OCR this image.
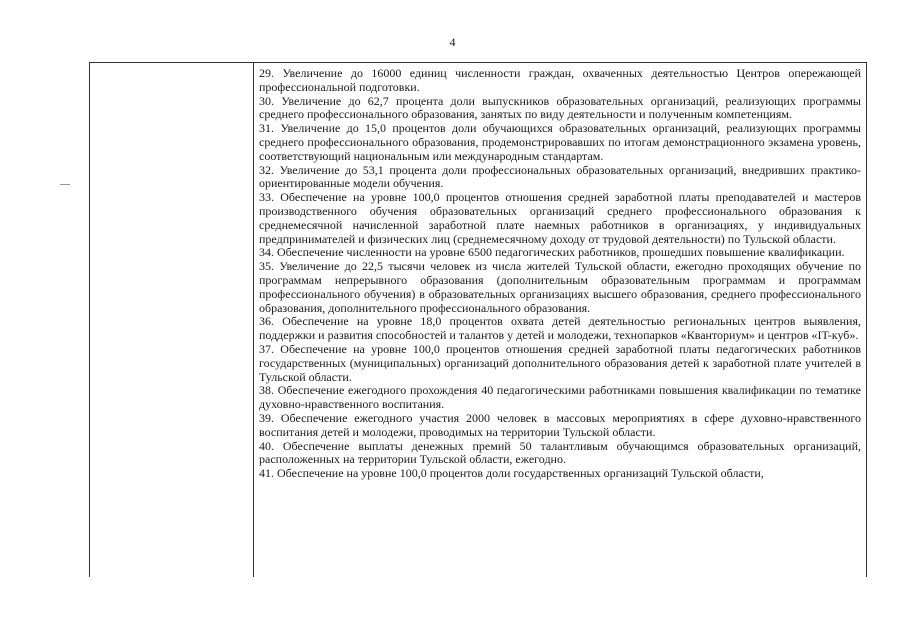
4

29. Увеличение до 16000 единиц численности граждан, охваченных деятельностью Центров опережающей профессиональной подготовки.

30. Увеличение до 62,7 процента доли выпускников образовательных организаций, реализующих программы среднего профессионального образования, занятых по виду деятельности и полученным компетенциям.

31. Увеличение до 15,0 процентов доли обучающихся образовательных организаций, реализующих программы среднего профессионального образования, продемонстрировавших по итогам демонстрационного экзамена уровень, соответствующий национальным или международным стандартам.

32. Увеличение до 53,1 процента доли профессиональных образовательных организаций, внедривших практико-ориентированные модели обучения.

33. Обеспечение на уровне 100,0 процентов отношения средней заработной платы преподавателей и мастеров производственного обучения образовательных организаций среднего профессионального образования к среднемесячной начисленной заработной плате наемных работников в организациях, у индивидуальных предпринимателей и физических лиц (среднемесячному доходу от трудовой деятельности) по Тульской области.

34. Обеспечение численности на уровне 6500 педагогических работников, прошедших повышение квалификации.

35. Увеличение до 22,5 тысячи человек из числа жителей Тульской области, ежегодно проходящих обучение по программам непрерывного образования (дополнительным образовательным программам и программам профессионального обучения) в образовательных организациях высшего образования, среднего профессионального образования, дополнительного профессионального образования.

36. Обеспечение на уровне 18,0 процентов охвата детей деятельностью региональных центров выявления, поддержки и развития способностей и талантов у детей и молодежи, технопарков «Кванториум» и центров «IT-куб».

37. Обеспечение на уровне 100,0 процентов отношения средней заработной платы педагогических работников государственных (муниципальных) организаций дополнительного образования детей к заработной плате учителей в Тульской области.

38. Обеспечение ежегодного прохождения 40 педагогическими работниками повышения квалификации по тематике духовно-нравственного воспитания.

39. Обеспечение ежегодного участия 2000 человек в массовых мероприятиях в сфере духовно-нравственного воспитания детей и молодежи, проводимых на территории Тульской области.

40. Обеспечение выплаты денежных премий 50 талантливым обучающимся образовательных организаций, расположенных на территории Тульской области, ежегодно.

41. Обеспечение на уровне 100,0 процентов доли государственных организаций Тульской области,
